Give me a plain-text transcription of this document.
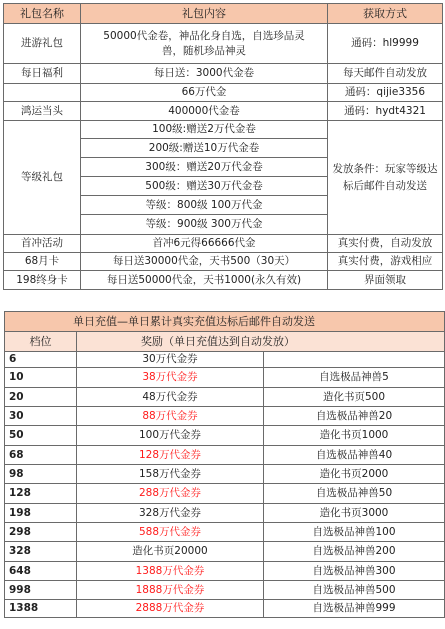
礼包名称	礼包内容	获取方式
进游礼包	50000代金卷，神品化身自选，自选珍品灵兽，随机珍品神灵	通码：hl9999
每日福利	每日送：3000代金卷	每天邮件自动发放
	66万代金	通码：qijie3356
鸿运当头	400000代金卷	通码：hydt4321
等级礼包	100级:赠送2万代金卷	发放条件：玩家等级达标后邮件自动发送
	200级:赠送10万代金卷	
	300级：赠送20万代金卷	
	500级：赠送30万代金卷	
	等级：800级 100万代金	
	等级：900级 300万代金	
首冲活动	首冲6元得66666代金	真实付费，自动发放
68月卡	每日送30000代金，天书500（30天）	真实付费，游戏相应
198终身卡	每日送50000代金，天书1000(永久有效)	界面领取
单日充值—单日累计真实充值达标后邮件自动发送		
档位	奖励（单日充值达到自动发放）	
6	30万代金券	
10	38万代金券	自选极品神兽5
20	48万代金券	造化书页500
30	88万代金券	自选极品神兽20
50	100万代金券	造化书页1000
68	128万代金券	自选极品神兽40
98	158万代金券	造化书页2000
128	288万代金券	自选极品神兽50
198	328万代金券	造化书页3000
298	588万代金券	自选极品神兽100
328	造化书页20000	自选极品神兽200
648	1388万代金券	自选极品神兽300
998	1888万代金券	自选极品神兽500
1388	2888万代金券	自选极品神兽999
